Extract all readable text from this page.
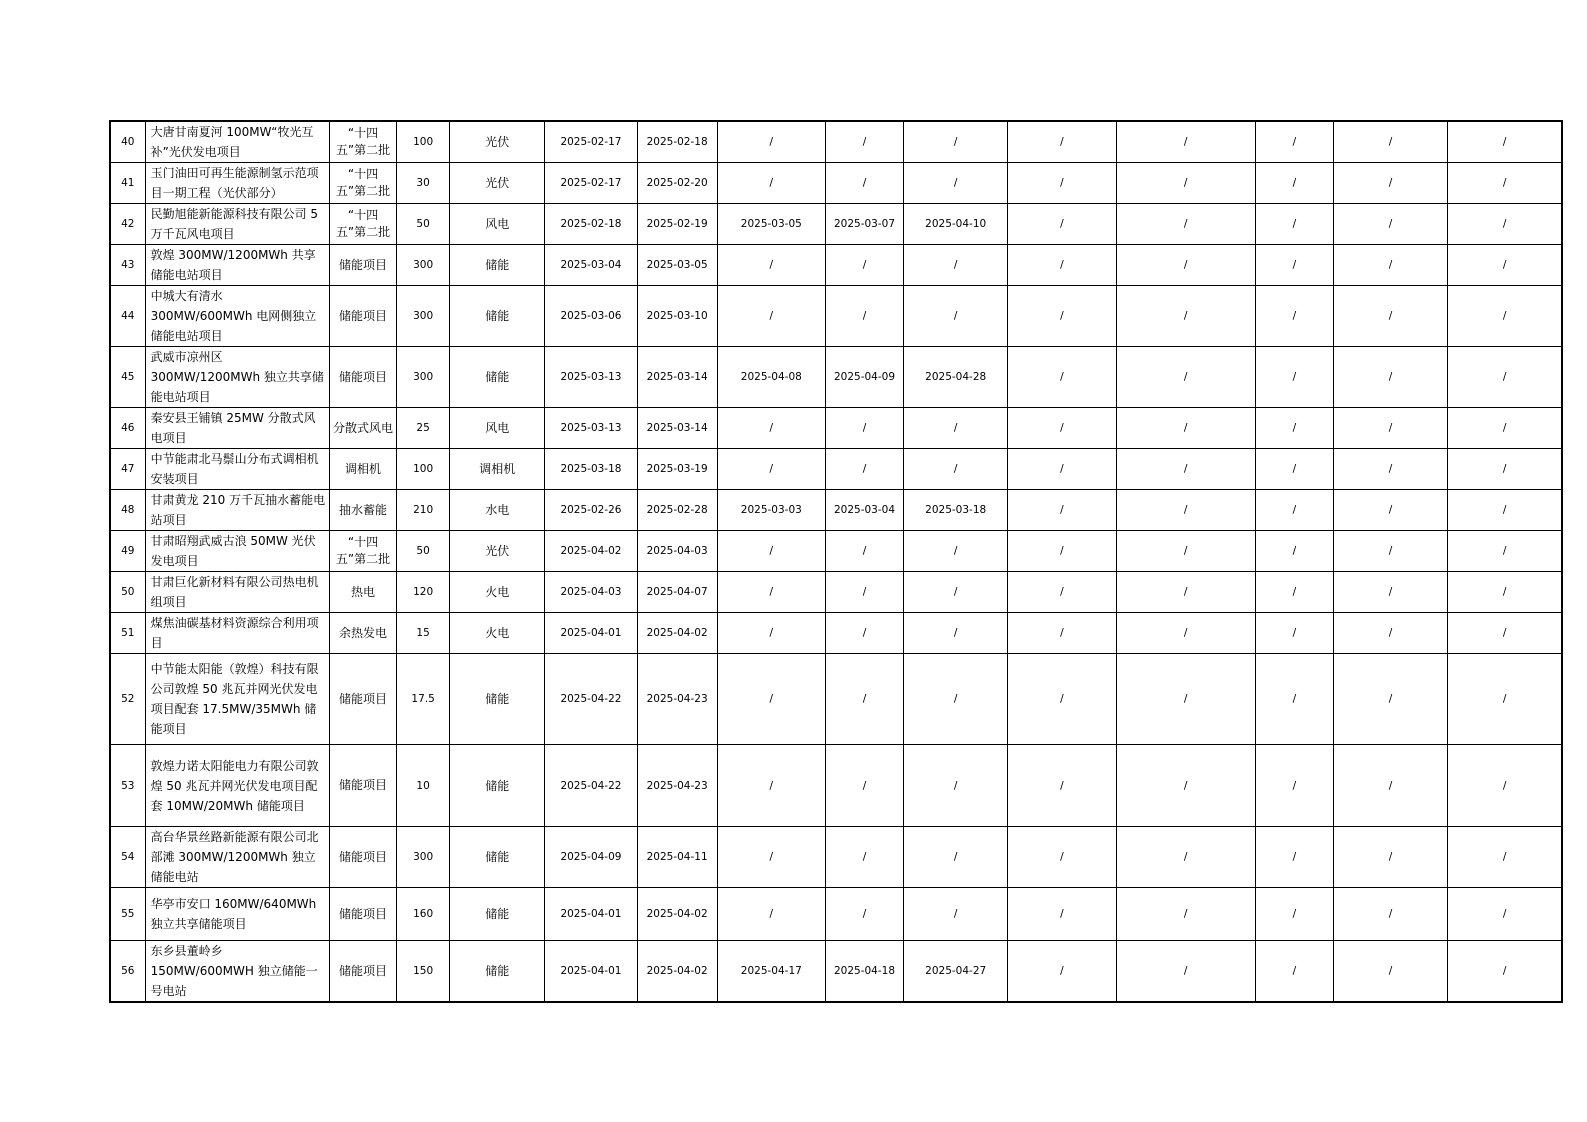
40	大唐甘南夏河 100MW“牧光互补”光伏发电项目	“十四五”第二批	100	光伏	2025-02-17	2025-02-18	/	/	/	/	/	/	/	/
41	玉门油田可再生能源制氢示范项目一期工程（光伏部分）	“十四五”第二批	30	光伏	2025-02-17	2025-02-20	/	/	/	/	/	/	/	/
42	民勤旭能新能源科技有限公司 5 万千瓦风电项目	“十四五”第二批	50	风电	2025-02-18	2025-02-19	2025-03-05	2025-03-07	2025-04-10	/	/	/	/	/
43	敦煌 300MW/1200MWh 共享储能电站项目	储能项目	300	储能	2025-03-04	2025-03-05	/	/	/	/	/	/	/	/
44	中城大有清水 300MW/600MWh 电网侧独立储能电站项目	储能项目	300	储能	2025-03-06	2025-03-10	/	/	/	/	/	/	/	/
45	武威市凉州区 300MW/1200MWh 独立共享储能电站项目	储能项目	300	储能	2025-03-13	2025-03-14	2025-04-08	2025-04-09	2025-04-28	/	/	/	/	/
46	秦安县王铺镇 25MW 分散式风电项目	分散式风电	25	风电	2025-03-13	2025-03-14	/	/	/	/	/	/	/	/
47	中节能肃北马鬃山分布式调相机安装项目	调相机	100	调相机	2025-03-18	2025-03-19	/	/	/	/	/	/	/	/
48	甘肃黄龙 210 万千瓦抽水蓄能电站项目	抽水蓄能	210	水电	2025-02-26	2025-02-28	2025-03-03	2025-03-04	2025-03-18	/	/	/	/	/
49	甘肃昭翔武威古浪 50MW 光伏发电项目	“十四五”第二批	50	光伏	2025-04-02	2025-04-03	/	/	/	/	/	/	/	/
50	甘肃巨化新材料有限公司热电机组项目	热电	120	火电	2025-04-03	2025-04-07	/	/	/	/	/	/	/	/
51	煤焦油碳基材料资源综合利用项目	余热发电	15	火电	2025-04-01	2025-04-02	/	/	/	/	/	/	/	/
52	中节能太阳能（敦煌）科技有限公司敦煌 50 兆瓦并网光伏发电项目配套 17.5MW/35MWh 储能项目	储能项目	17.5	储能	2025-04-22	2025-04-23	/	/	/	/	/	/	/	/
53	敦煌力诺太阳能电力有限公司敦煌 50 兆瓦并网光伏发电项目配套 10MW/20MWh 储能项目	储能项目	10	储能	2025-04-22	2025-04-23	/	/	/	/	/	/	/	/
54	高台华景丝路新能源有限公司北部滩 300MW/1200MWh 独立储能电站	储能项目	300	储能	2025-04-09	2025-04-11	/	/	/	/	/	/	/	/
55	华亭市安口 160MW/640MWh 独立共享储能项目	储能项目	160	储能	2025-04-01	2025-04-02	/	/	/	/	/	/	/	/
56	东乡县董岭乡 150MW/600MWH 独立储能一号电站	储能项目	150	储能	2025-04-01	2025-04-02	2025-04-17	2025-04-18	2025-04-27	/	/	/	/	/
